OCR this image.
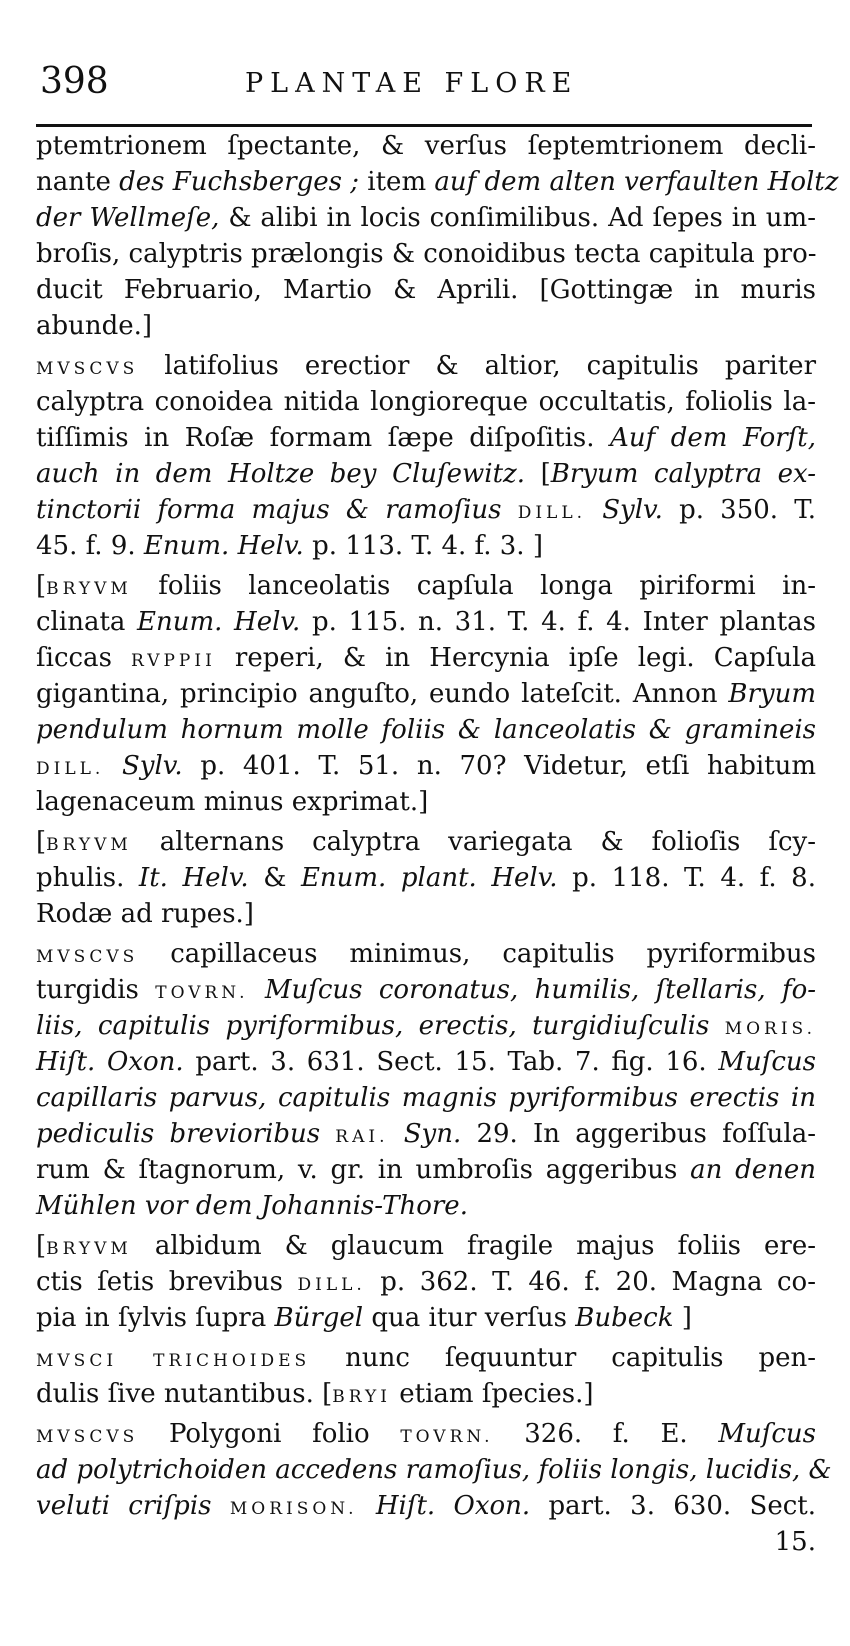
398	PLANTAE FLORE
ptemtrionem ſpectante, & verſus ſeptemtrionem decli-
nante des Fuchsberges ; item auf dem alten verfaulten Holtz
der Wellmeſe, & alibi in locis conſimilibus. Ad ſepes in um-
broſis, calyptris prælongis & conoidibus tecta capitula pro-
ducit Februario, Martio & Aprili. [Gottingæ in muris
abunde.]
MVSCVS latifolius erectior & altior, capitulis pariter
calyptra conoidea nitida longioreque occultatis, foliolis la-
tiſſimis in Roſæ formam ſæpe diſpoſitis. Auf dem Forſt,
auch in dem Holtze bey Cluſewitz. [Bryum calyptra ex-
tinctorii forma majus & ramoſius DILL. Sylv. p. 350. T.
45. f. 9. Enum. Helv. p. 113. T. 4. f. 3. ]
[BRYVM foliis lanceolatis capſula longa piriformi in-
clinata Enum. Helv. p. 115. n. 31. T. 4. f. 4. Inter plantas
ſiccas RVPPII reperi, & in Hercynia ipſe legi. Capſula
gigantina, principio anguſto, eundo lateſcit. Annon Bryum
pendulum hornum molle foliis & lanceolatis & gramineis
DILL. Sylv. p. 401. T. 51. n. 70? Videtur, etſi habitum
lagenaceum minus exprimat.]
[BRYVM alternans calyptra variegata & folioſis ſcy-
phulis. It. Helv. & Enum. plant. Helv. p. 118. T. 4. f. 8.
Rodæ ad rupes.]
MVSCVS capillaceus minimus, capitulis pyriformibus
turgidis TOVRN. Muſcus coronatus, humilis, ſtellaris, fo-
liis, capitulis pyriformibus, erectis, turgidiuſculis MORIS.
Hiſt. Oxon. part. 3. 631. Sect. 15. Tab. 7. fig. 16. Muſcus
capillaris parvus, capitulis magnis pyriformibus erectis in
pediculis brevioribus RAI. Syn. 29. In aggeribus foſſula-
rum & ſtagnorum, v. gr. in umbroſis aggeribus an denen
Mühlen vor dem Johannis-Thore.
[BRYVM albidum & glaucum fragile majus foliis ere-
ctis ſetis brevibus DILL. p. 362. T. 46. f. 20. Magna co-
pia in ſylvis ſupra Bürgel qua itur verſus Bubeck ]
MVSCI TRICHOIDES nunc ſequuntur capitulis pen-
dulis ſive nutantibus. [BRYI etiam ſpecies.]
MVSCVS Polygoni folio TOVRN. 326. f. E. Muſcus
ad polytrichoiden accedens ramoſius, foliis longis, lucidis, &
veluti criſpis MORISON. Hiſt. Oxon. part. 3. 630. Sect.
15.
